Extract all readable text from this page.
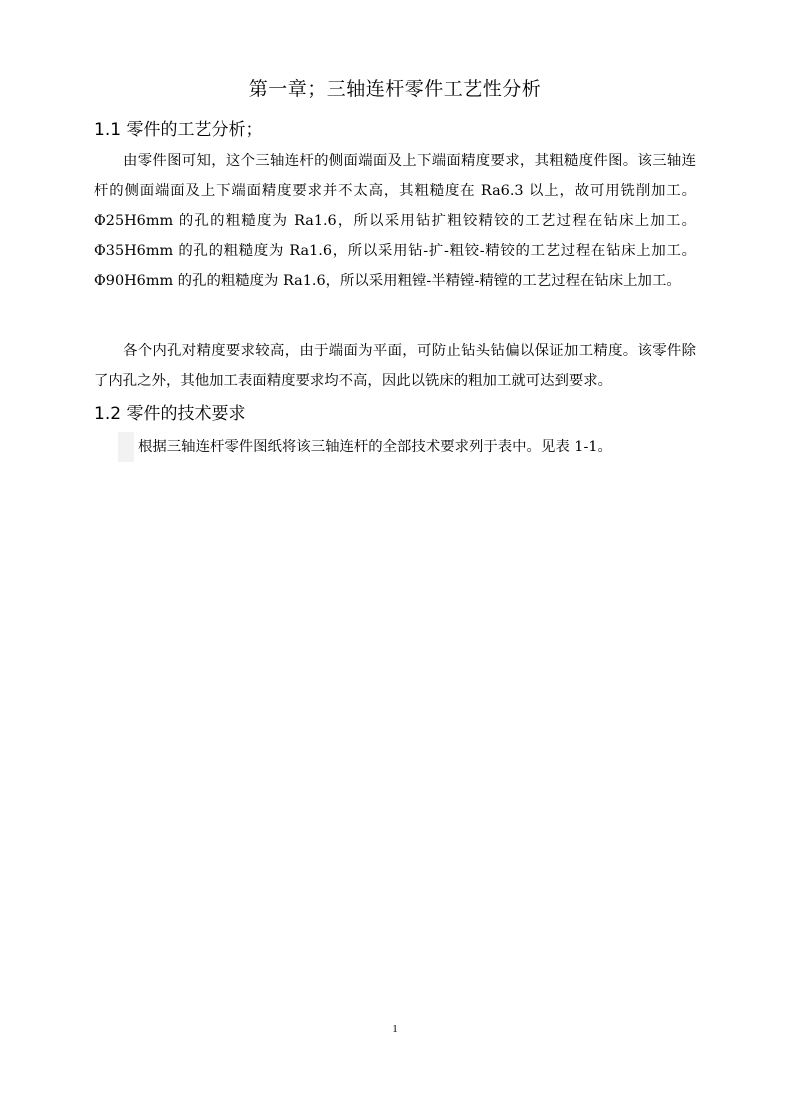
第一章；三轴连杆零件工艺性分析
1.1 零件的工艺分析；
由零件图可知，这个三轴连杆的侧面端面及上下端面精度要求，其粗糙度件图。该三轴连杆的侧面端面及上下端面精度要求并不太高，其粗糙度在 Ra6.3 以上，故可用铣削加工。Φ25H6mm 的孔的粗糙度为 Ra1.6，所以采用钻扩粗铰精铰的工艺过程在钻床上加工。Φ35H6mm 的孔的粗糙度为 Ra1.6，所以采用钻-扩-粗铰-精铰的工艺过程在钻床上加工。Φ90H6mm 的孔的粗糙度为 Ra1.6，所以采用粗镗-半精镗-精镗的工艺过程在钻床上加工。
各个内孔对精度要求较高，由于端面为平面，可防止钻头钻偏以保证加工精度。该零件除了内孔之外，其他加工表面精度要求均不高，因此以铣床的粗加工就可达到要求。
1.2 零件的技术要求
根据三轴连杆零件图纸将该三轴连杆的全部技术要求列于表中。见表 1-1。
1
